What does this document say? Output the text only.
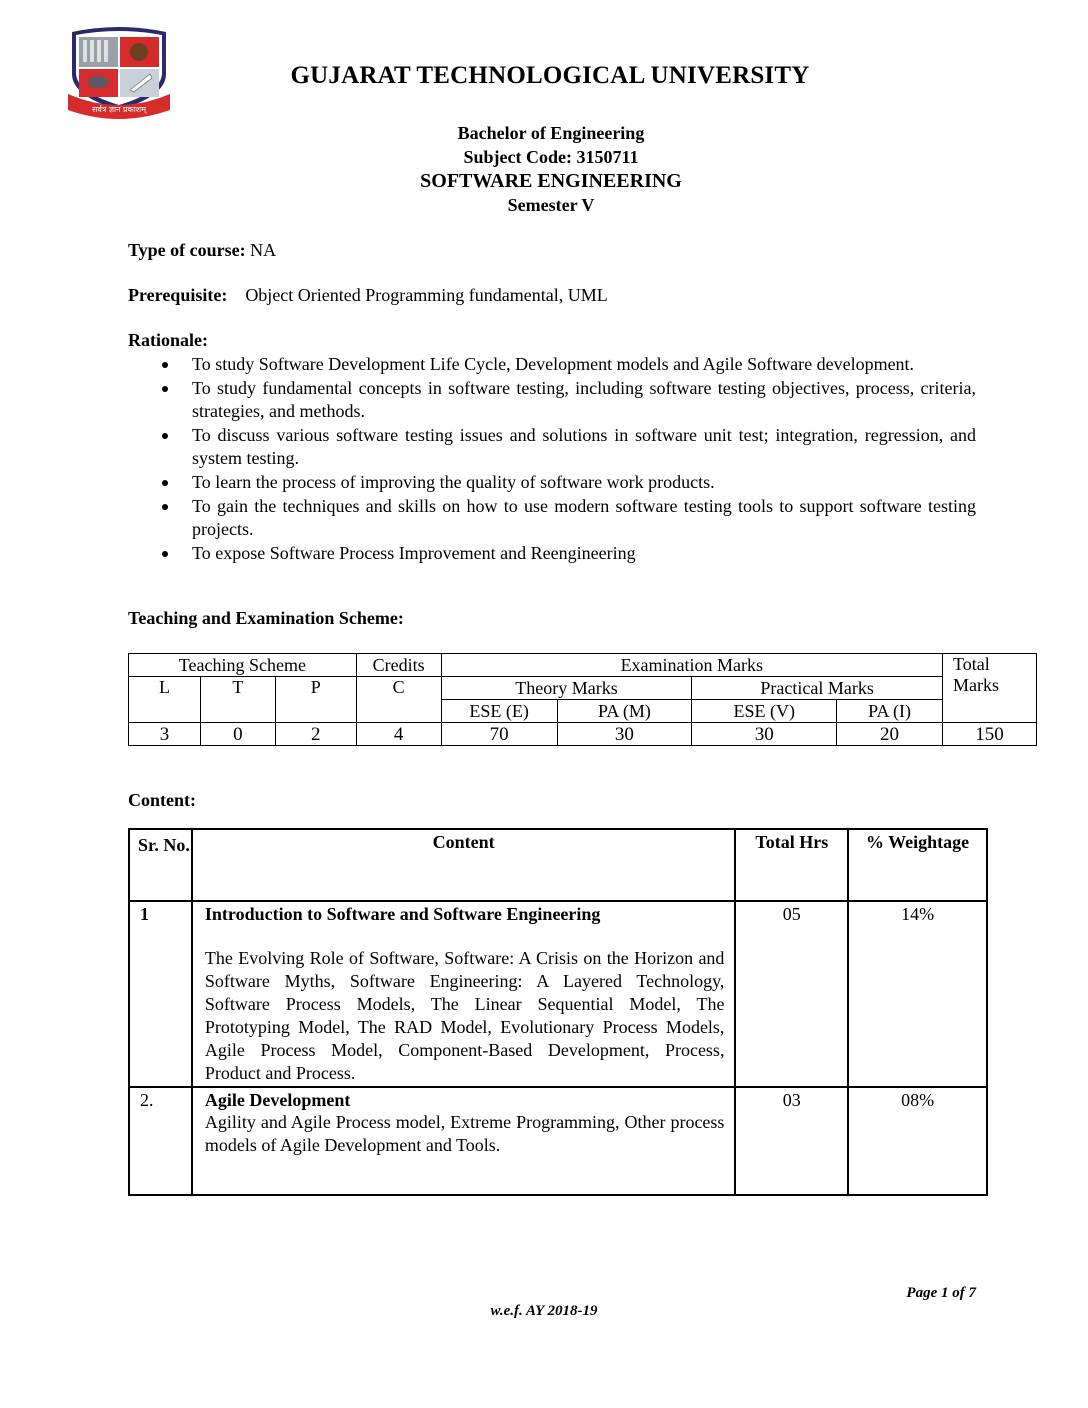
सर्वत्र ज्ञान प्रकाशम्
GUJARAT TECHNOLOGICAL UNIVERSITY
Bachelor of Engineering
Subject Code: 3150711
SOFTWARE ENGINEERING
Semester V
Type of course: NA
Prerequisite: Object Oriented Programming fundamental, UML
Rationale:
To study Software Development Life Cycle, Development models and Agile Software development.
To study fundamental concepts in software testing, including software testing objectives, process, criteria, strategies, and methods.
To discuss various software testing issues and solutions in software unit test; integration, regression, and system testing.
To learn the process of improving the quality of software work products.
To gain the techniques and skills on how to use modern software testing tools to support software testing projects.
To expose Software Process Improvement and Reengineering
Teaching and Examination Scheme:
Teaching Scheme			Credits	Examination Marks				Total Marks
L	T	P	C	Theory Marks		Practical Marks		
				ESE (E)	PA (M)	ESE (V)	PA (I)	
3	0	2	4	70	30	30	20	150
Content:
Sr. No.	Content	Total Hrs	% Weightage
1	Introduction to Software and Software Engineering
The Evolving Role of Software, Software: A Crisis on the Horizon and Software Myths, Software Engineering: A Layered Technology, Software Process Models, The Linear Sequential Model, The Prototyping Model, The RAD Model, Evolutionary Process Models, Agile Process Model, Component-Based Development, Process, Product and Process.	05	14%
2.	Agile Development
Agility and Agile Process model, Extreme Programming, Other process models of Agile Development and Tools.	03	08%
Page 1 of 7
w.e.f. AY 2018-19
